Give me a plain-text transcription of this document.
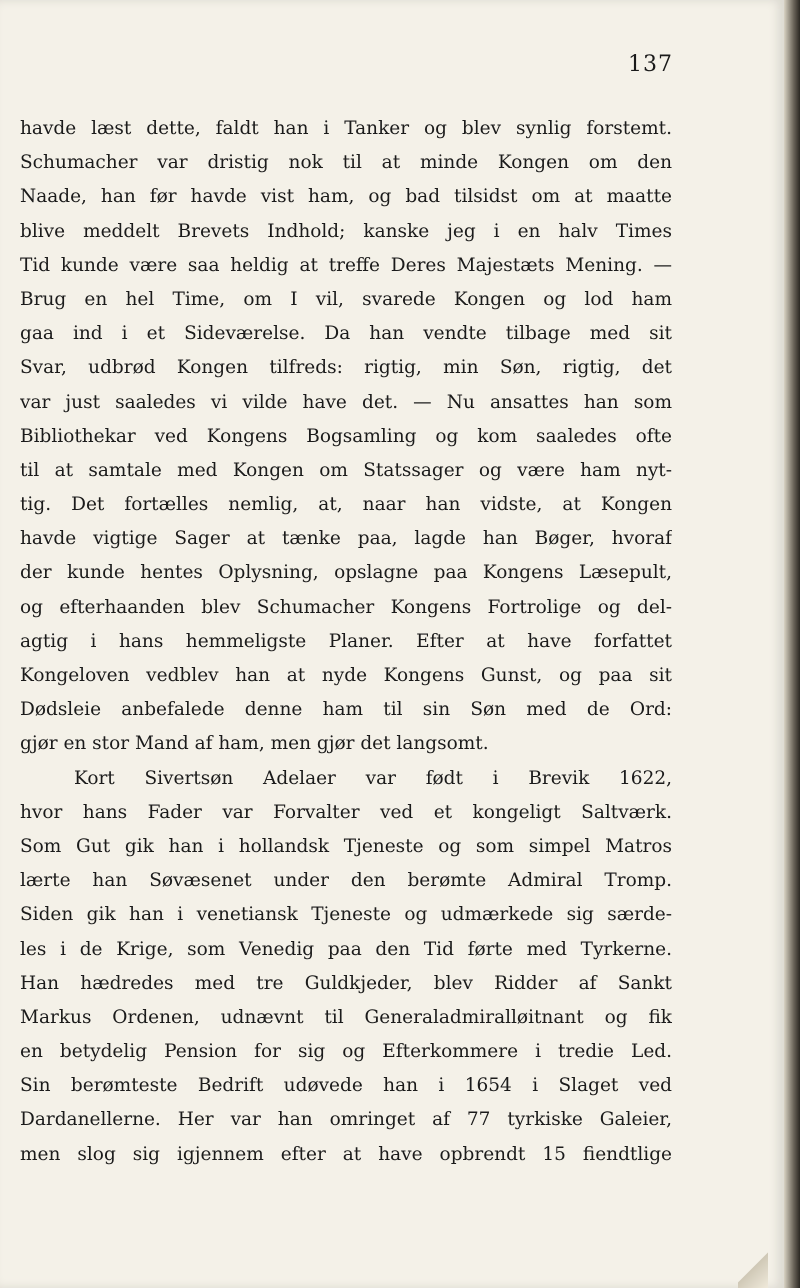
137
havde læst dette, faldt han i Tanker og blev synlig forstemt.
Schumacher var dristig nok til at minde Kongen om den
Naade, han før havde vist ham, og bad tilsidst om at maatte
blive meddelt Brevets Indhold; kanske jeg i en halv Times
Tid kunde være saa heldig at treffe Deres Majestæts Mening. —
Brug en hel Time, om I vil, svarede Kongen og lod ham
gaa ind i et Sideværelse. Da han vendte tilbage med sit
Svar, udbrød Kongen tilfreds: rigtig, min Søn, rigtig, det
var just saaledes vi vilde have det. — Nu ansattes han som
Bibliothekar ved Kongens Bogsamling og kom saaledes ofte
til at samtale med Kongen om Statssager og være ham nyt-
tig. Det fortælles nemlig, at, naar han vidste, at Kongen
havde vigtige Sager at tænke paa, lagde han Bøger, hvoraf
der kunde hentes Oplysning, opslagne paa Kongens Læsepult,
og efterhaanden blev Schumacher Kongens Fortrolige og del-
agtig i hans hemmeligste Planer. Efter at have forfattet
Kongeloven vedblev han at nyde Kongens Gunst, og paa sit
Dødsleie anbefalede denne ham til sin Søn med de Ord:
gjør en stor Mand af ham, men gjør det langsomt.
Kort Sivertsøn Adelaer var født i Brevik 1622,
hvor hans Fader var Forvalter ved et kongeligt Saltværk.
Som Gut gik han i hollandsk Tjeneste og som simpel Matros
lærte han Søvæsenet under den berømte Admiral Tromp.
Siden gik han i venetiansk Tjeneste og udmærkede sig særde-
les i de Krige, som Venedig paa den Tid førte med Tyrkerne.
Han hædredes med tre Guldkjeder, blev Ridder af Sankt
Markus Ordenen, udnævnt til Generaladmiralløitnant og fik
en betydelig Pension for sig og Efterkommere i tredie Led.
Sin berømteste Bedrift udøvede han i 1654 i Slaget ved
Dardanellerne. Her var han omringet af 77 tyrkiske Galeier,
men slog sig igjennem efter at have opbrendt 15 fiendtlige
